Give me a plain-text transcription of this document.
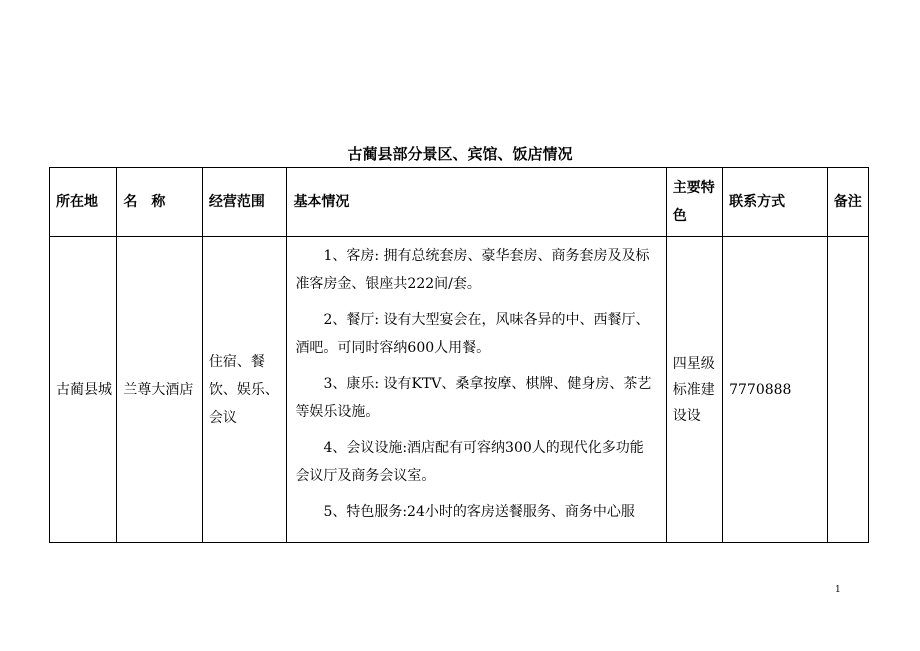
古蔺县部分景区、宾馆、饭店情况
所在地	名　称	经营范围	基本情况	主要特色	联系方式	备注
古蔺县城	兰尊大酒店	住宿、餐饮、娱乐、会议	1、客房: 拥有总统套房、豪华套房、商务套房及及标准客房金、银座共222间/套。

2、餐厅: 设有大型宴会在，风味各异的中、西餐厅、酒吧。可同时容纳600人用餐。

3、康乐: 设有KTV、桑拿按摩、棋牌、健身房、茶艺等娱乐设施。

4、会议设施:酒店配有可容纳300人的现代化多功能会议厅及商务会议室。

5、特色服务:24小时的客房送餐服务、商务中心服	四星级标准建设设	7770888	
1
